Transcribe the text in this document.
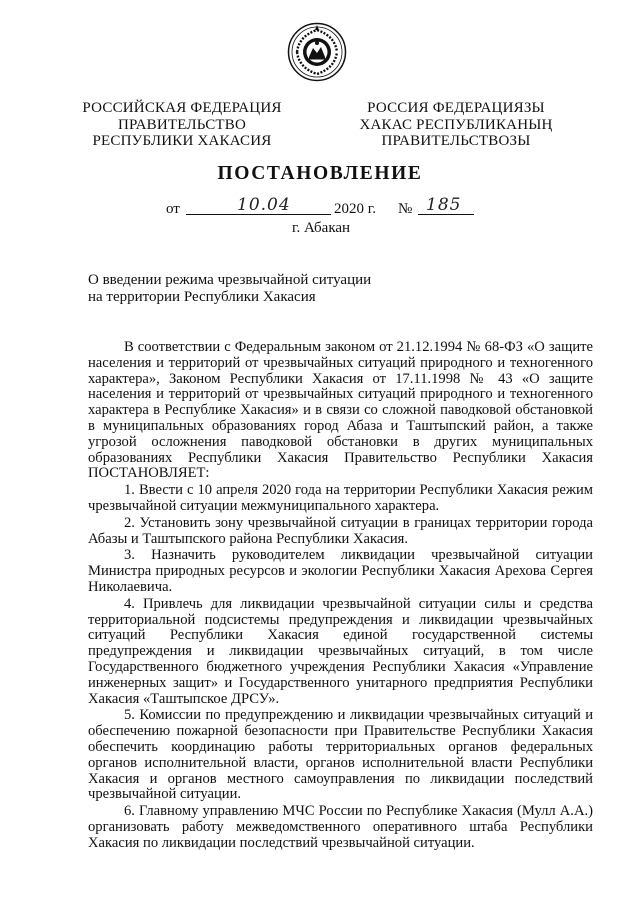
РОССИЙСКАЯ ФЕДЕРАЦИЯ
ПРАВИТЕЛЬСТВО
РЕСПУБЛИКИ ХАКАСИЯ
РОССИЯ ФЕДЕРАЦИЯЗЫ
ХАКАС РЕСПУБЛИКАНЫҢ
ПРАВИТЕЛЬСТВОЗЫ
ПОСТАНОВЛЕНИЕ
от	2020 г. №
10.04	185
г. Абакан
О введении режима чрезвычайной ситуации
на территории Республики Хакасия

В соответствии с Федеральным законом от 21.12.1994 № 68-ФЗ «О защите населения и территорий от чрезвычайных ситуаций природного и техногенного характера», Законом Республики Хакасия от 17.11.1998 № 43 «О защите населения и территорий от чрезвычайных ситуаций природного и техногенного характера в Республике Хакасия» и в связи со сложной паводковой обстановкой в муниципальных образованиях город Абаза и Таштыпский район, а также угрозой осложнения паводковой обстановки в других муниципальных образованиях Республики Хакасия Правительство Республики Хакасия ПОСТАНОВЛЯЕТ:

1. Ввести с 10 апреля 2020 года на территории Республики Хакасия режим чрезвычайной ситуации межмуниципального характера.

2. Установить зону чрезвычайной ситуации в границах территории города Абазы и Таштыпского района Республики Хакасия.

3. Назначить руководителем ликвидации чрезвычайной ситуации Министра природных ресурсов и экологии Республики Хакасия Арехова Сергея Николаевича.

4. Привлечь для ликвидации чрезвычайной ситуации силы и средства территориальной подсистемы предупреждения и ликвидации чрезвычайных ситуаций Республики Хакасия единой государственной системы предупреждения и ликвидации чрезвычайных ситуаций, в том числе Государственного бюджетного учреждения Республики Хакасия «Управление инженерных защит» и Государственного унитарного предприятия Республики Хакасия «Таштыпское ДРСУ».

5. Комиссии по предупреждению и ликвидации чрезвычайных ситуаций и обеспечению пожарной безопасности при Правительстве Республики Хакасия обеспечить координацию работы территориальных органов федеральных органов исполнительной власти, органов исполнительной власти Республики Хакасия и органов местного самоуправления по ликвидации последствий чрезвычайной ситуации.

6. Главному управлению МЧС России по Республике Хакасия (Мулл А.А.) организовать работу межведомственного оперативного штаба Республики Хакасия по ликвидации последствий чрезвычайной ситуации.
